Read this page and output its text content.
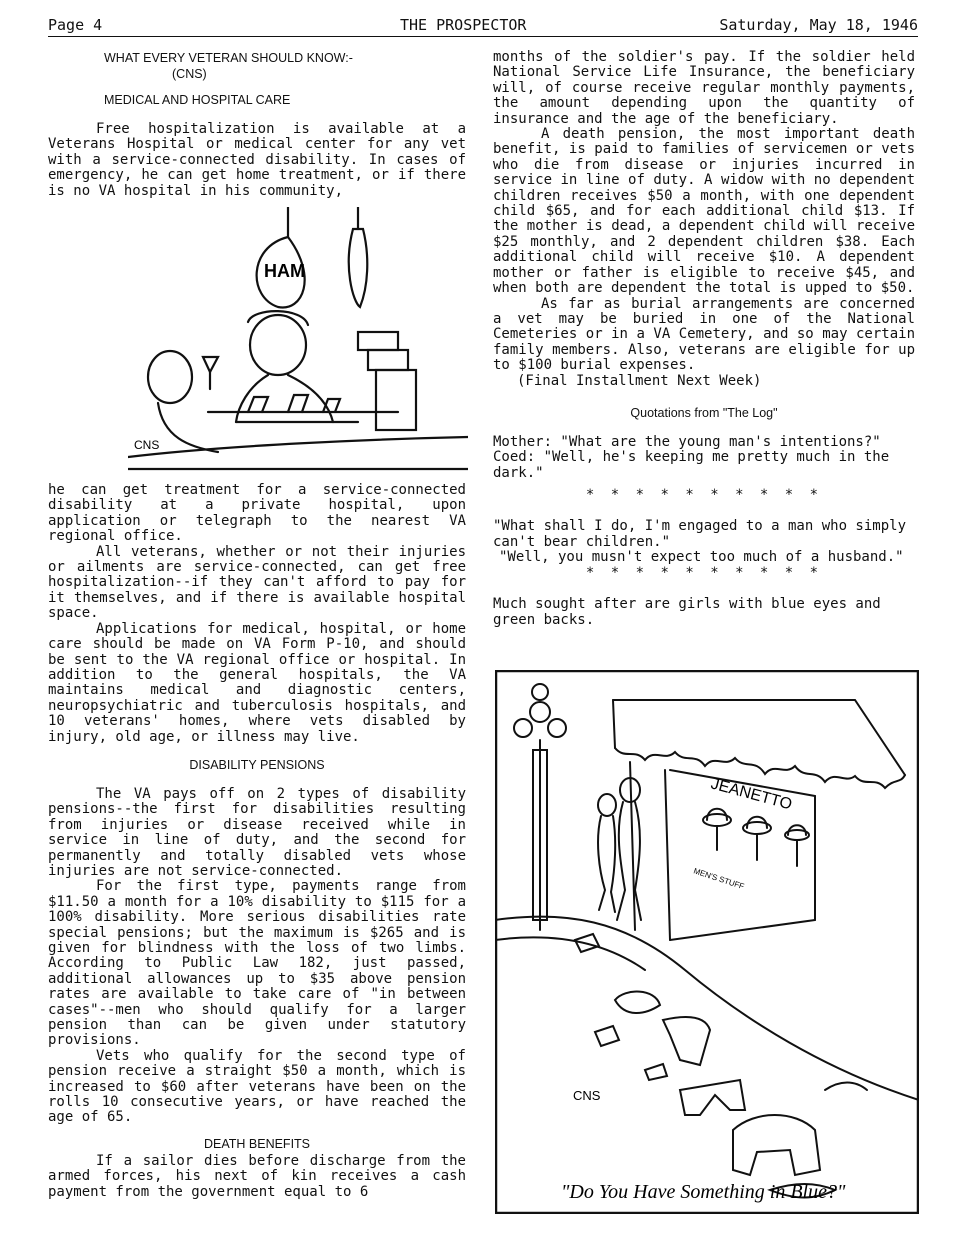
Page 4	THE PROSPECTOR	Saturday, May 18, 1946

WHAT EVERY VETERAN SHOULD KNOW:-

(CNS)

MEDICAL AND HOSPITAL CARE

Free hospitalization is available at a Veterans Hospital or medical center for any vet with a service-connected disability. In cases of emergency, he can get home treatment, or if there is no VA hospital in his community,

HAM
CNS

he can get treatment for a service-connected disability at a private hospital, upon application or telegraph to the nearest VA regional office.

All veterans, whether or not their injuries or ailments are service-connected, can get free hospitalization--if they can't afford to pay for it themselves, and if there is available hospital space.

Applications for medical, hospital, or home care should be made on VA Form P-10, and should be sent to the VA regional office or hospital. In addition to the general hospitals, the VA maintains medical and diagnostic centers, neuropsychiatric and tuberculosis hospitals, and 10 veterans' homes, where vets disabled by injury, old age, or illness may live.

DISABILITY PENSIONS

The VA pays off on 2 types of disability pensions--the first for disabilities resulting from injuries or disease received while in service in line of duty, and the second for permanently and totally disabled vets whose injuries are not service-connected.

For the first type, payments range from $11.50 a month for a 10% disability to $115 for a 100% disability. More serious disabilities rate special pensions; but the maximum is $265 and is given for blindness with the loss of two limbs. According to Public Law 182, just passed, additional allowances up to $35 above pension rates are available to take care of "in between cases"--men who should qualify for a larger pension than can be given under statutory provisions.

Vets who qualify for the second type of pension receive a straight $50 a month, which is increased to $60 after veterans have been on the rolls 10 consecutive years, or have reached the age of 65.

DEATH BENEFITS

If a sailor dies before discharge from the armed forces, his next of kin receives a cash payment from the government equal to 6

months of the soldier's pay. If the soldier held National Service Life Insurance, the beneficiary will, of course receive regular monthly payments, the amount depending upon the quantity of insurance and the age of the beneficiary.

A death pension, the most important death benefit, is paid to families of servicemen or vets who die from disease or injuries incurred in service in line of duty. A widow with no dependent children receives $50 a month, with one dependent child $65, and for each additional child $13. If the mother is dead, a dependent child will receive $25 monthly, and 2 dependent children $38. Each additional child will receive $10. A dependent mother or father is eligible to receive $45, and when both are dependent the total is upped to $50.

As far as burial arrangements are concerned a vet may be buried in one of the National Cemeteries or in a VA Cemetery, and so may certain family members. Also, veterans are eligible for up to $100 burial expenses.

(Final Installment Next Week)

Quotations from "The Log"

Mother: "What are the young man's intentions?"

Coed: "Well, he's keeping me pretty much in the dark."

* * * * * * * * * *

"What shall I do, I'm engaged to a man who simply can't bear children."

"Well, you musn't expect too much of a husband."

* * * * * * * * * *

Much sought after are girls with blue eyes and green backs.

JEANETTO
MEN'S STUFF
CNS
"Do You Have Something in Blue?"
